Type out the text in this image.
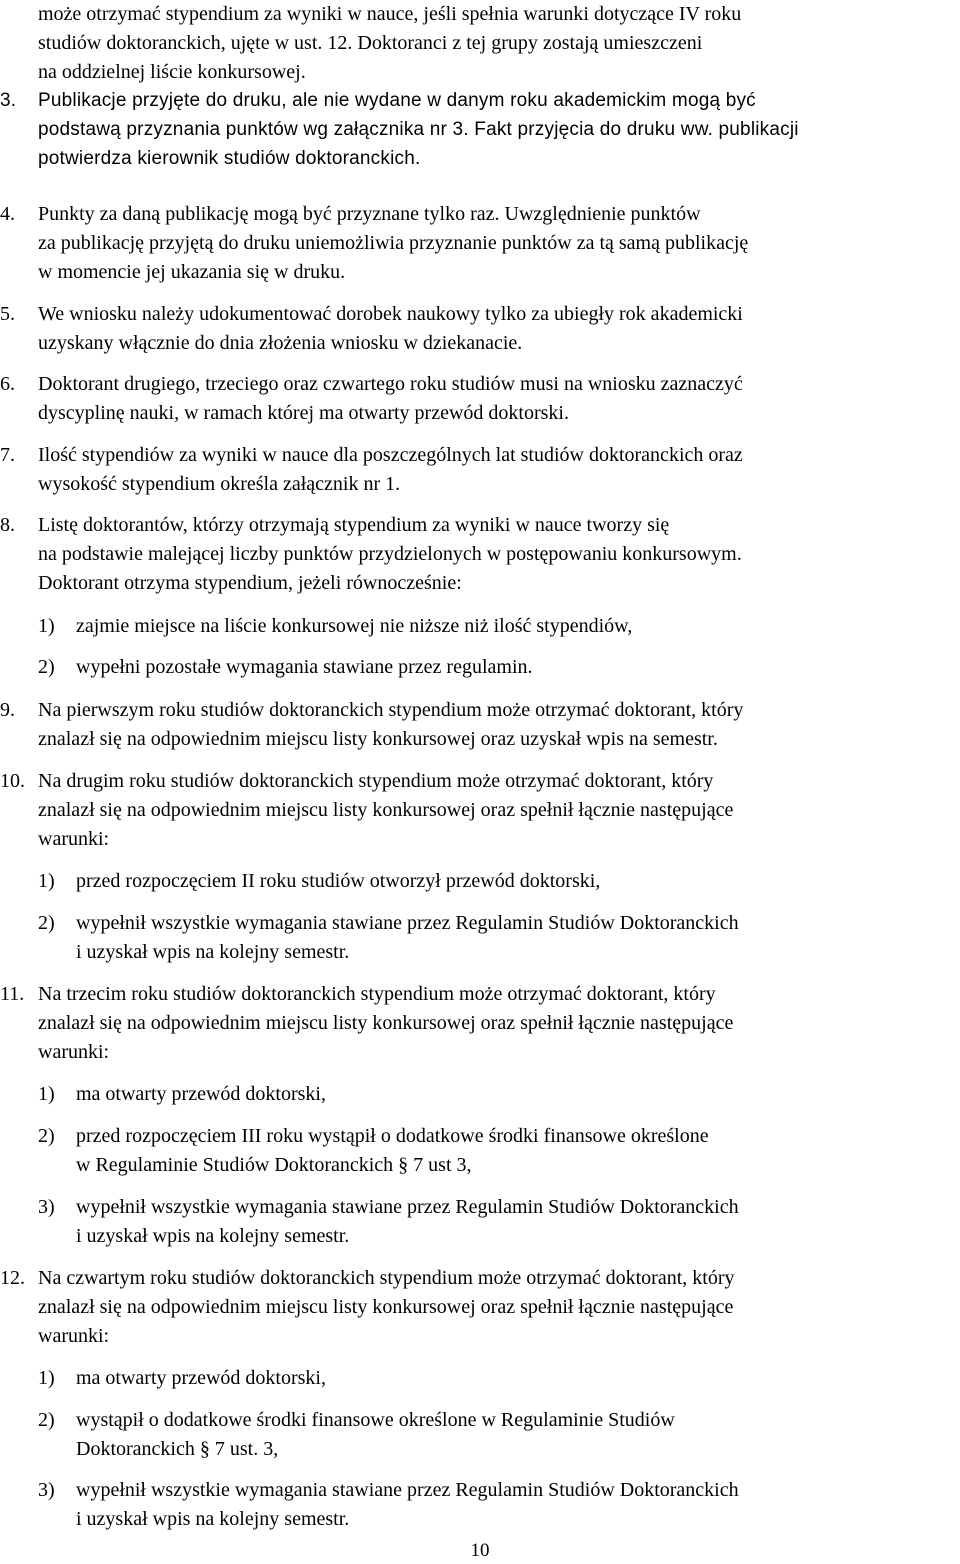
może otrzymać stypendium za wyniki w nauce, jeśli spełnia warunki dotyczące IV roku
studiów doktoranckich, ujęte w ust. 12. Doktoranci z tej grupy zostają umieszczeni
na oddzielnej liście konkursowej.
3.	Publikacje przyjęte do druku, ale nie wydane w danym roku akademickim mogą być
podstawą przyznania punktów wg załącznika nr 3. Fakt przyjęcia do druku ww. publikacji
potwierdza kierownik studiów doktoranckich.
4.	Punkty za daną publikację mogą być przyznane tylko raz. Uwzględnienie punktów
za publikację przyjętą do druku uniemożliwia przyznanie punktów za tą samą publikację
w momencie jej ukazania się w druku.
5.	We wniosku należy udokumentować dorobek naukowy tylko za ubiegły rok akademicki
uzyskany włącznie do dnia złożenia wniosku w dziekanacie.
6.	Doktorant drugiego, trzeciego oraz czwartego roku studiów musi na wniosku zaznaczyć
dyscyplinę nauki, w ramach której ma otwarty przewód doktorski.
7.	Ilość stypendiów za wyniki w nauce dla poszczególnych lat studiów doktoranckich oraz
wysokość stypendium określa załącznik nr 1.
8.	Listę doktorantów, którzy otrzymają stypendium za wyniki w nauce tworzy się
na podstawie malejącej liczby punktów przydzielonych w postępowaniu konkursowym.
Doktorant otrzyma stypendium, jeżeli równocześnie:
1)	zajmie miejsce na liście konkursowej nie niższe niż ilość stypendiów,
2)	wypełni pozostałe wymagania stawiane przez regulamin.
9.	Na pierwszym roku studiów doktoranckich stypendium może otrzymać doktorant, który
znalazł się na odpowiednim miejscu listy konkursowej oraz uzyskał wpis na semestr.
10. Na drugim roku studiów doktoranckich stypendium może otrzymać doktorant, który
znalazł się na odpowiednim miejscu listy konkursowej oraz spełnił łącznie następujące
warunki:
1)	przed rozpoczęciem II roku studiów otworzył przewód doktorski,
2)	wypełnił wszystkie wymagania stawiane przez Regulamin Studiów Doktoranckich
i uzyskał wpis na kolejny semestr.
11. Na trzecim roku studiów doktoranckich stypendium może otrzymać doktorant, który
znalazł się na odpowiednim miejscu listy konkursowej oraz spełnił łącznie następujące
warunki:
1)	ma otwarty przewód doktorski,
2)	przed rozpoczęciem III roku wystąpił o dodatkowe środki finansowe określone
w Regulaminie Studiów Doktoranckich § 7 ust 3,
3)	wypełnił wszystkie wymagania stawiane przez Regulamin Studiów Doktoranckich
i uzyskał wpis na kolejny semestr.
12. Na czwartym roku studiów doktoranckich stypendium może otrzymać doktorant, który
znalazł się na odpowiednim miejscu listy konkursowej oraz spełnił łącznie następujące
warunki:
1)	ma otwarty przewód doktorski,
2)	wystąpił o dodatkowe środki finansowe określone w Regulaminie Studiów
Doktoranckich § 7 ust. 3,
3)	wypełnił wszystkie wymagania stawiane przez Regulamin Studiów Doktoranckich
i uzyskał wpis na kolejny semestr.
10
